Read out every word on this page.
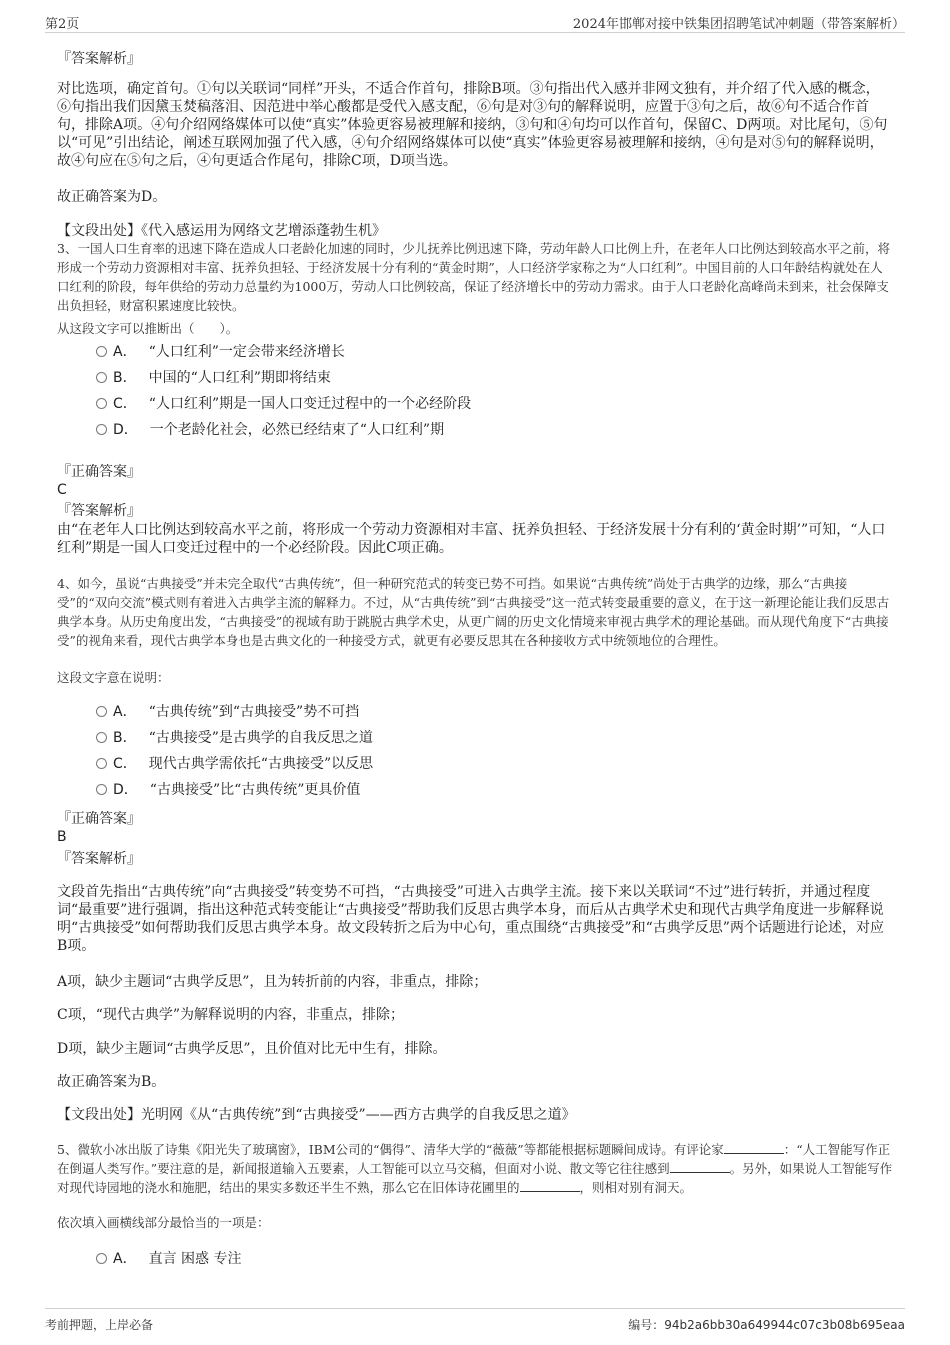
第2页	2024年邯郸对接中铁集团招聘笔试冲刺题（带答案解析）

『答案解析』

对比选项，确定首句。①句以关联词“同样”开头，不适合作首句，排除B项。③句指出代入感并非网文独有，并介绍了代入感的概念，⑥句指出我们因黛玉焚稿落泪、因范进中举心酸都是受代入感支配，⑥句是对③句的解释说明，应置于③句之后，故⑥句不适合作首句，排除A项。④句介绍网络媒体可以使“真实”体验更容易被理解和接纳，③句和④句均可以作首句，保留C、D两项。对比尾句，⑤句以“可见”引出结论，阐述互联网加强了代入感，④句介绍网络媒体可以使“真实”体验更容易被理解和接纳，④句是对⑤句的解释说明，故④句应在⑤句之后，④句更适合作尾句，排除C项，D项当选。

故正确答案为D。

【文段出处】《代入感运用为网络文艺增添蓬勃生机》

3、一国人口生育率的迅速下降在造成人口老龄化加速的同时，少儿抚养比例迅速下降，劳动年龄人口比例上升，在老年人口比例达到较高水平之前，将形成一个劳动力资源相对丰富、抚养负担轻、于经济发展十分有利的“黄金时期”，人口经济学家称之为“人口红利”。中国目前的人口年龄结构就处在人口红利的阶段，每年供给的劳动力总量约为1000万，劳动人口比例较高，保证了经济增长中的劳动力需求。由于人口老龄化高峰尚未到来，社会保障支出负担轻，财富积累速度比较快。

从这段文字可以推断出（　　）。

A． “人口红利”一定会带来经济增长
B． 中国的“人口红利”期即将结束
C． “人口红利”期是一国人口变迁过程中的一个必经阶段
D． 一个老龄化社会，必然已经结束了“人口红利”期

『正确答案』

C

『答案解析』

由“在老年人口比例达到较高水平之前，将形成一个劳动力资源相对丰富、抚养负担轻、于经济发展十分有利的‘黄金时期’”可知，“人口红利”期是一国人口变迁过程中的一个必经阶段。因此C项正确。

4、如今，虽说“古典接受”并未完全取代“古典传统”，但一种研究范式的转变已势不可挡。如果说“古典传统”尚处于古典学的边缘，那么“古典接受”的“双向交流”模式则有着进入古典学主流的解释力。不过，从“古典传统”到“古典接受”这一范式转变最重要的意义，在于这一新理论能让我们反思古典学本身。从历史角度出发，“古典接受”的视域有助于跳脱古典学术史，从更广阔的历史文化情境来审视古典学术的理论基础。而从现代角度下“古典接受”的视角来看，现代古典学本身也是古典文化的一种接受方式，就更有必要反思其在各种接收方式中统领地位的合理性。

这段文字意在说明：

A． “古典传统”到“古典接受”势不可挡
B． “古典接受”是古典学的自我反思之道
C． 现代古典学需依托“古典接受”以反思
D． “古典接受”比“古典传统”更具价值

『正确答案』

B

『答案解析』

文段首先指出“古典传统”向“古典接受”转变势不可挡，“古典接受”可进入古典学主流。接下来以关联词“不过”进行转折，并通过程度词“最重要”进行强调，指出这种范式转变能让“古典接受”帮助我们反思古典学本身，而后从古典学术史和现代古典学角度进一步解释说明“古典接受”如何帮助我们反思古典学本身。故文段转折之后为中心句，重点围绕“古典接受”和“古典学反思”两个话题进行论述，对应B项。

A项，缺少主题词“古典学反思”，且为转折前的内容，非重点，排除；

C项，“现代古典学”为解释说明的内容，非重点，排除；

D项，缺少主题词“古典学反思”，且价值对比无中生有，排除。

故正确答案为B。

【文段出处】光明网《从“古典传统”到“古典接受”——西方古典学的自我反思之道》

5、微软小冰出版了诗集《阳光失了玻璃窗》，IBM公司的“偶得”、清华大学的“薇薇”等都能根据标题瞬间成诗。有评论家	：“人工智能写作正在倒逼人类写作。”要注意的是，新闻报道输入五要素，人工智能可以立马交稿，但面对小说、散文等它往往感到	。另外，如果说人工智能写作对现代诗园地的浇水和施肥，结出的果实多数还半生不熟，那么它在旧体诗花圃里的	，则相对别有洞天。

依次填入画横线部分最恰当的一项是：

A． 直言 困惑 专注
考前押题，上岸必备	编号：94b2a6bb30a649944c07c3b08b695eaa
